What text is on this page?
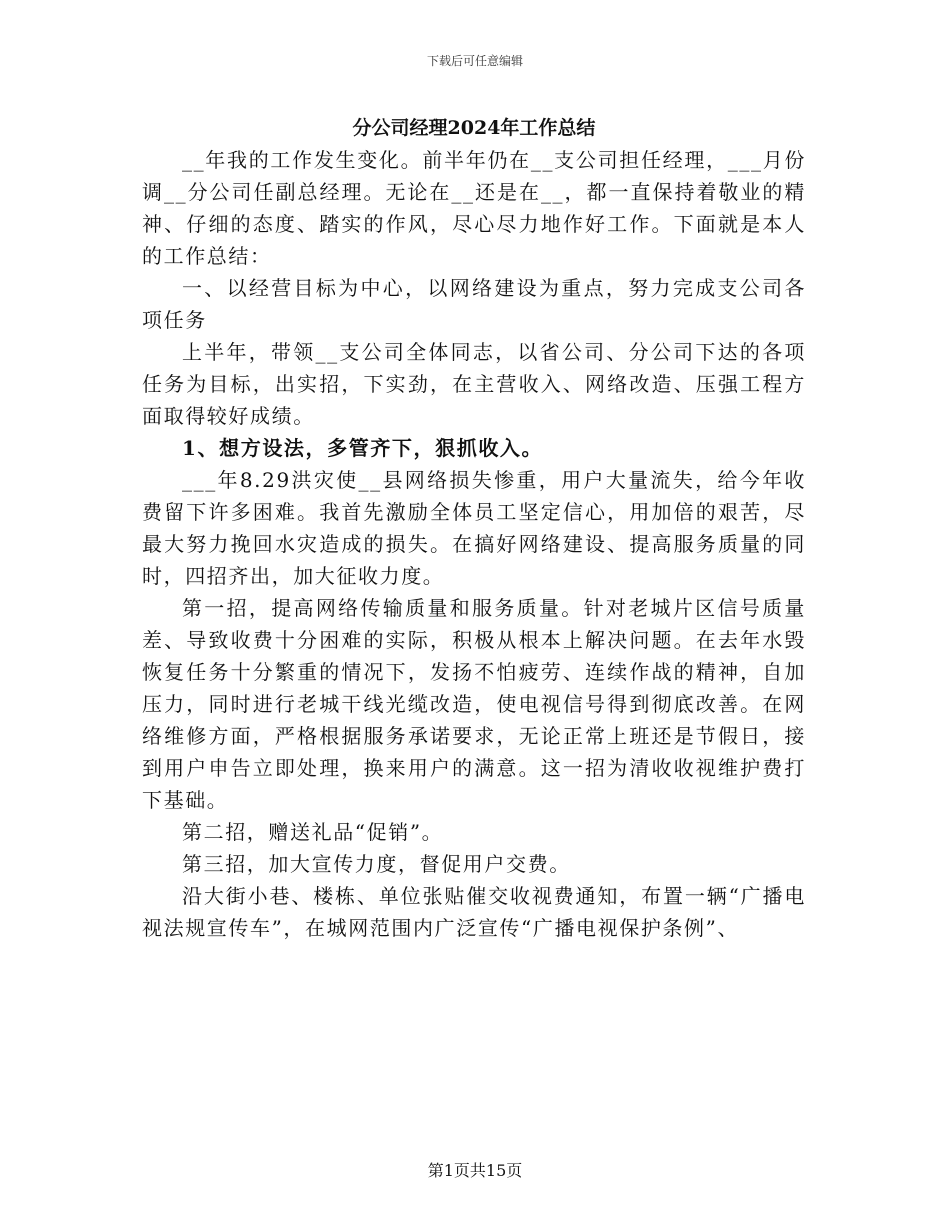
下载后可任意编辑
分公司经理2024年工作总结

__年我的工作发生变化。前半年仍在__支公司担任经理，___月份调__分公司任副总经理。无论在__还是在__，都一直保持着敬业的精神、仔细的态度、踏实的作风，尽心尽力地作好工作。下面就是本人的工作总结：

一、以经营目标为中心，以网络建设为重点，努力完成支公司各项任务

上半年，带领__支公司全体同志，以省公司、分公司下达的各项任务为目标，出实招，下实劲，在主营收入、网络改造、压强工程方面取得较好成绩。

1、想方设法，多管齐下，狠抓收入。

___年8.29洪灾使__县网络损失惨重，用户大量流失，给今年收费留下许多困难。我首先激励全体员工坚定信心，用加倍的艰苦，尽最大努力挽回水灾造成的损失。在搞好网络建设、提高服务质量的同时，四招齐出，加大征收力度。

第一招，提高网络传输质量和服务质量。针对老城片区信号质量差、导致收费十分困难的实际，积极从根本上解决问题。在去年水毁恢复任务十分繁重的情况下，发扬不怕疲劳、连续作战的精神，自加压力，同时进行老城干线光缆改造，使电视信号得到彻底改善。在网络维修方面，严格根据服务承诺要求，无论正常上班还是节假日，接到用户申告立即处理，换来用户的满意。这一招为清收收视维护费打下基础。

第二招，赠送礼品“促销”。

第三招，加大宣传力度，督促用户交费。

沿大街小巷、楼栋、单位张贴催交收视费通知，布置一辆“广播电视法规宣传车”，在城网范围内广泛宣传“广播电视保护条例”、

第1页共15页
